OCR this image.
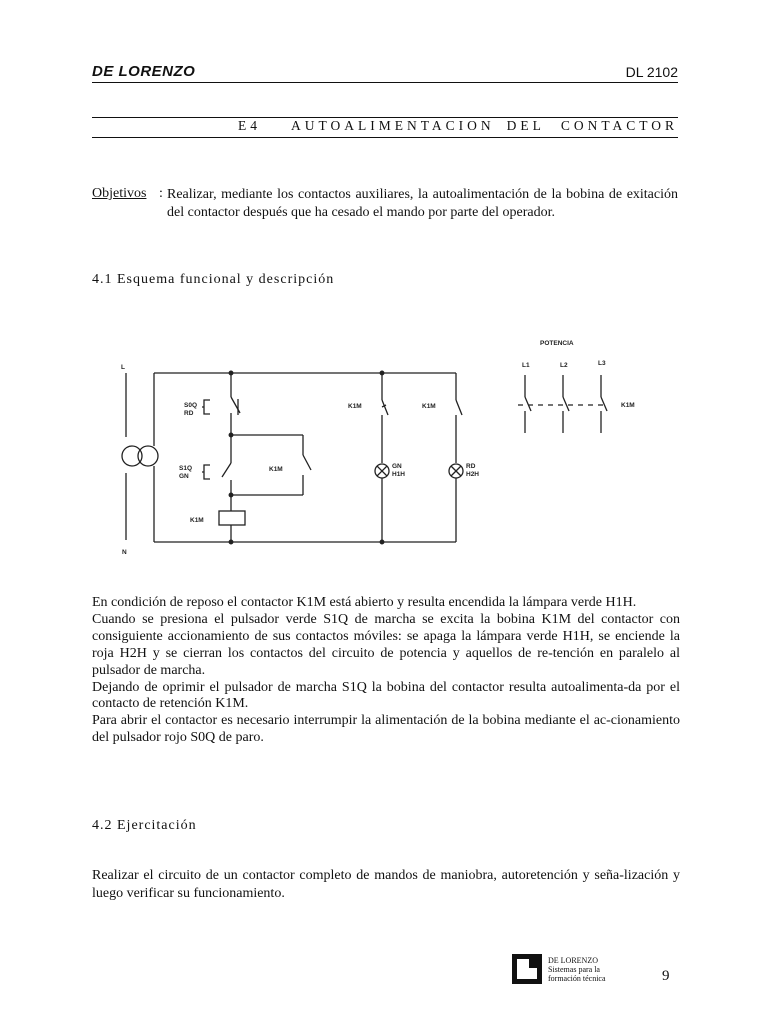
DE LORENZO	DL 2102
E4 AUTOALIMENTACION DEL CONTACTOR
Objetivos : Realizar, mediante los contactos auxiliares, la autoalimentación de la bobina de exitación del contactor después que ha cesado el mando por parte del operador.
4.1 Esquema funcional y descripción
POTENCIA
L
N
S0Q
RD
S1Q
GN
K1M
K1M
K1M	K1M
GN
H1H
RD
H2H
L1	L2	L3
K1M
En condición de reposo el contactor K1M está abierto y resulta encendida la lámpara verde H1H.
Cuando se presiona el pulsador verde S1Q de marcha se excita la bobina K1M del contactor con consiguiente accionamiento de sus contactos móviles: se apaga la lámpara verde H1H, se enciende la roja H2H y se cierran los contactos del circuito de potencia y aquellos de re-tención en paralelo al pulsador de marcha.
Dejando de oprimir el pulsador de marcha S1Q la bobina del contactor resulta autoalimenta-da por el contacto de retención K1M.
Para abrir el contactor es necesario interrumpir la alimentación de la bobina mediante el ac-cionamiento del pulsador rojo S0Q de paro.
4.2 Ejercitación
Realizar el circuito de un contactor completo de mandos de maniobra, autoretención y seña-lización y luego verificar su funcionamiento.
DE LORENZO
Sistemas para la
formación técnica	9
